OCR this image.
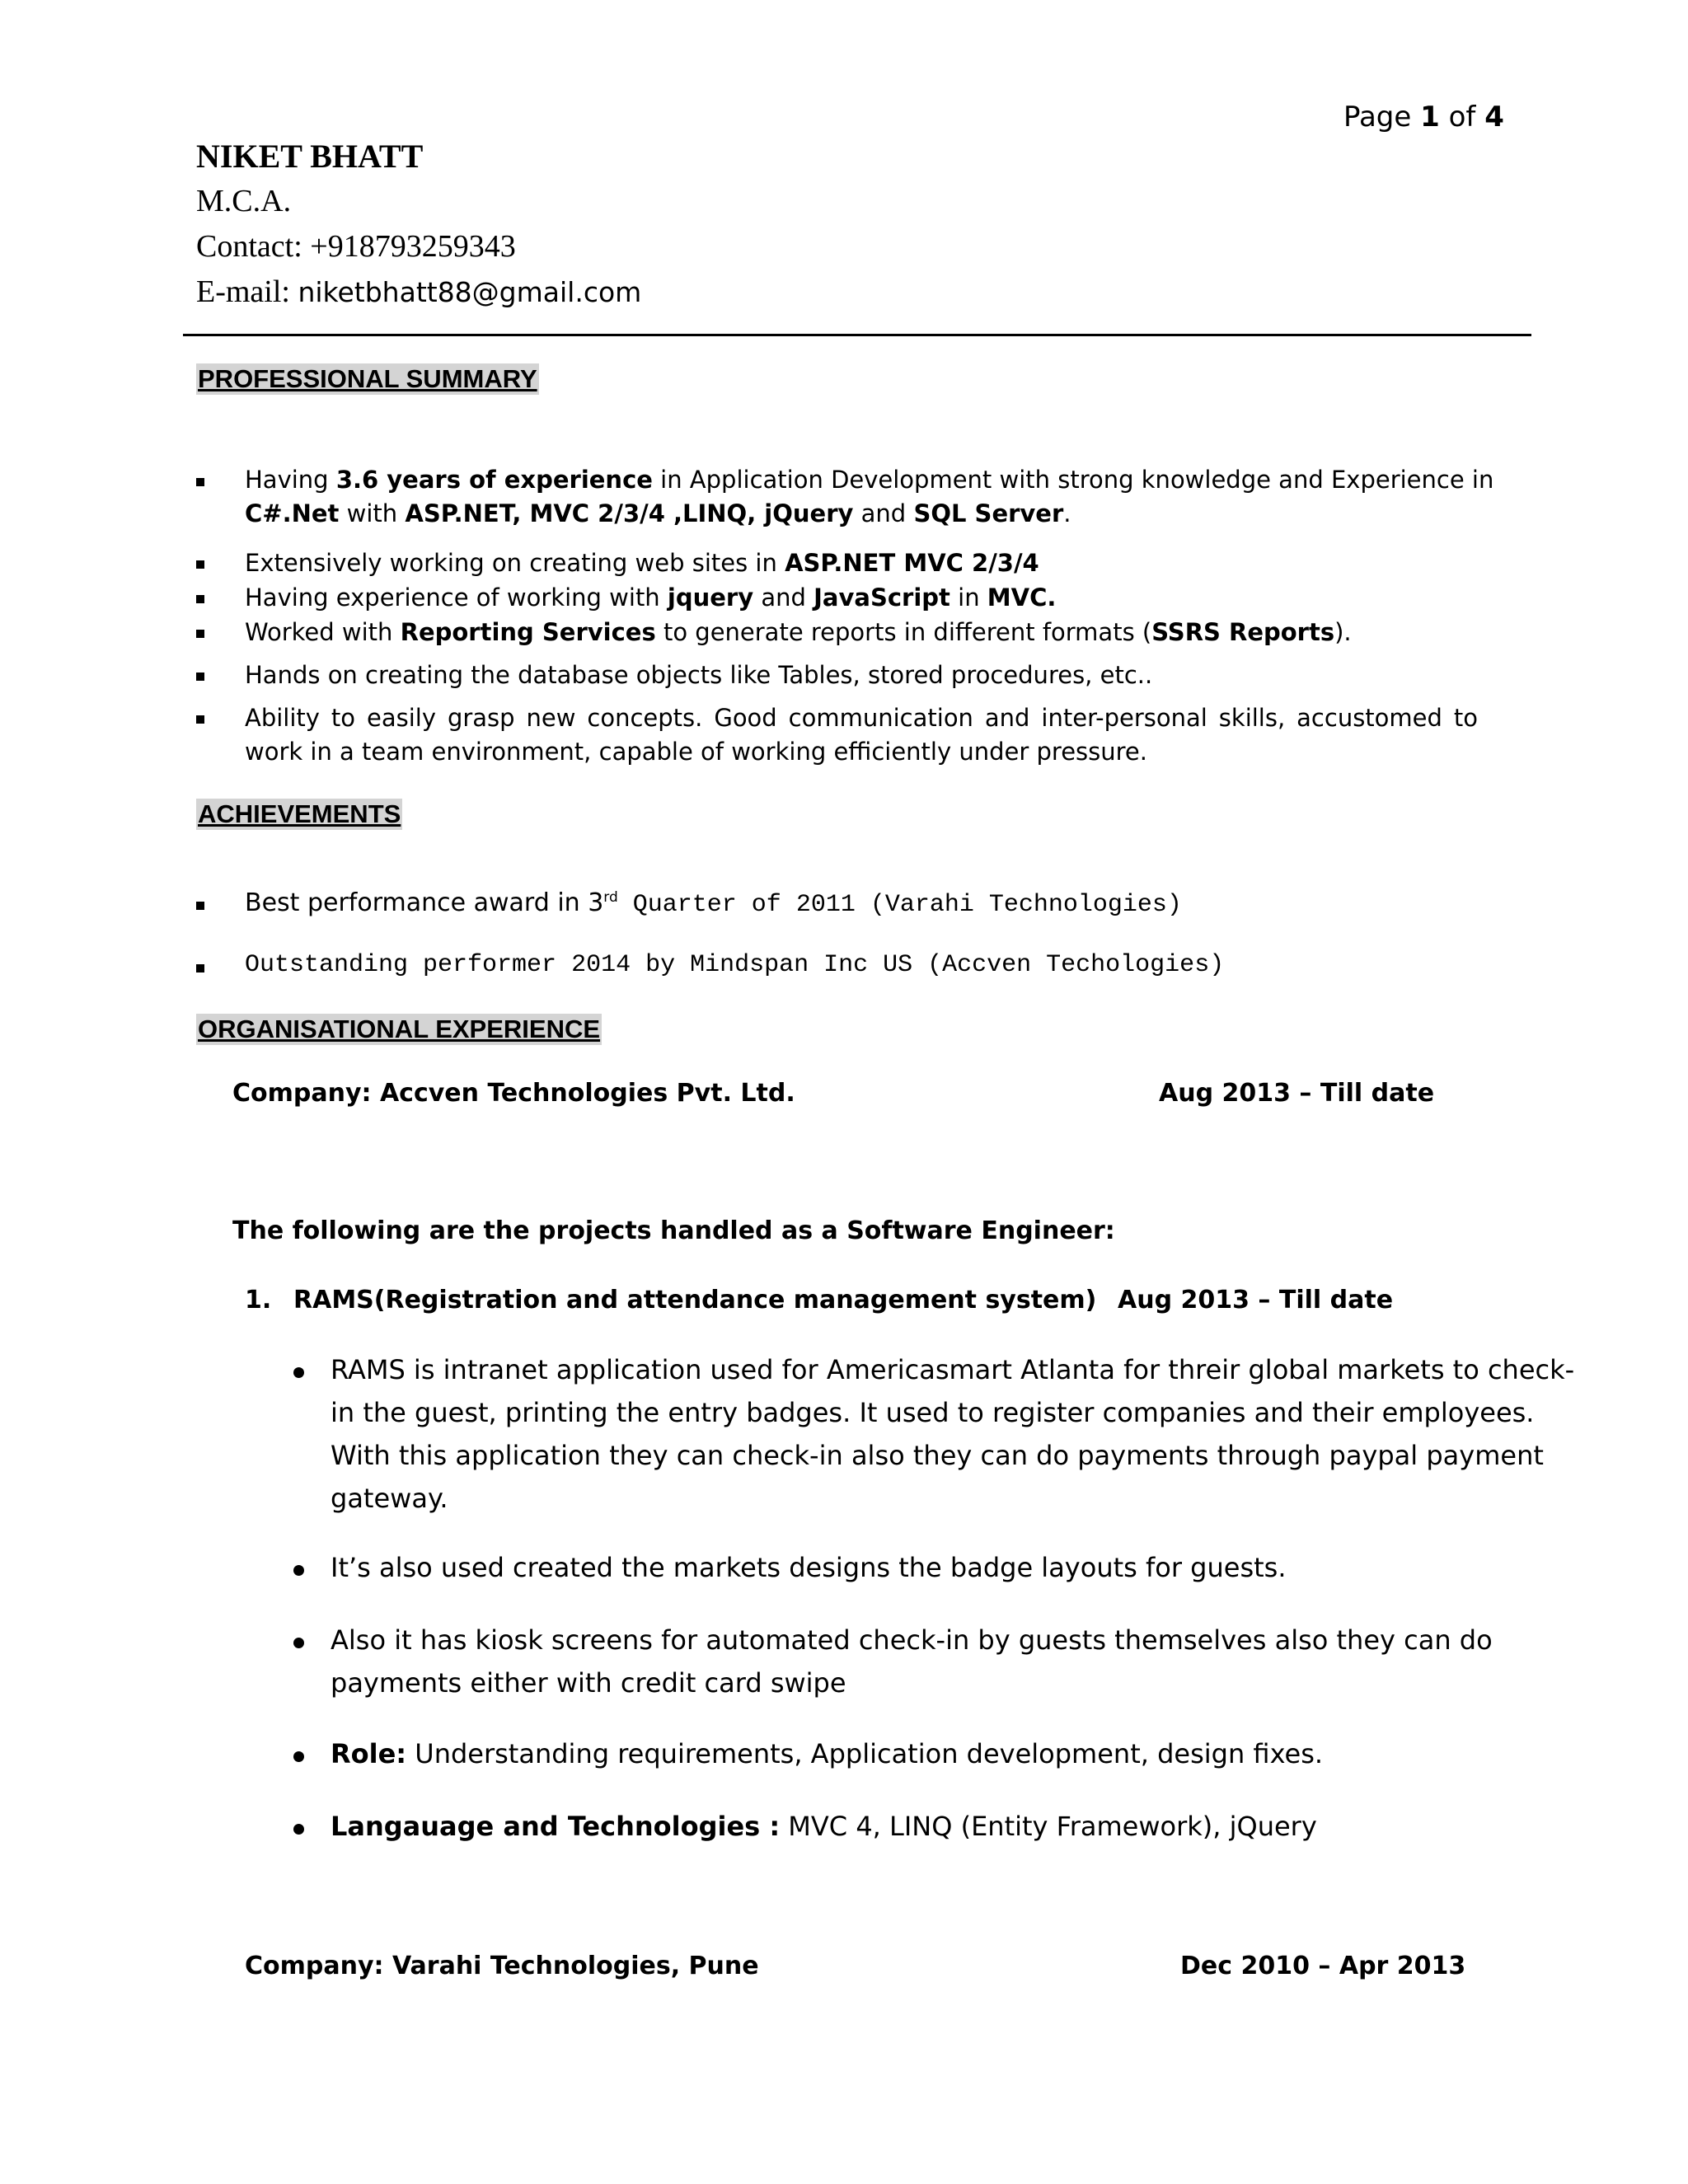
Page 1 of 4
NIKET BHATT
M.C.A.
Contact: +918793259343
E-mail: niketbhatt88@gmail.com
PROFESSIONAL SUMMARY
Having 3.6 years of experience in Application Development with strong knowledge and Experience in
C#.Net with ASP.NET, MVC 2/3/4 ,LINQ, jQuery and SQL Server.
Extensively working on creating web sites in ASP.NET MVC 2/3/4
Having experience of working with jquery and JavaScript in MVC.
Worked with Reporting Services to generate reports in different formats (SSRS Reports).
Hands on creating the database objects like Tables, stored procedures, etc..
Ability to easily grasp new concepts. Good communication and inter-personal skills, accustomed to
work in a team environment, capable of working efficiently under pressure.
ACHIEVEMENTS
Best performance award in 3rd Quarter of 2011 (Varahi Technologies)
Outstanding performer 2014 by Mindspan Inc US (Accven Techologies)
ORGANISATIONAL EXPERIENCE
Company: Accven Technologies Pvt. Ltd.	Aug 2013 – Till date
The following are the projects handled as a Software Engineer:
1. RAMS(Registration and attendance management system) Aug 2013 – Till date
RAMS is intranet application used for Americasmart Atlanta for threir global markets to check-
in the guest, printing the entry badges. It used to register companies and their employees.
With this application they can check-in also they can do payments through paypal payment
gateway.
It’s also used created the markets designs the badge layouts for guests.
Also it has kiosk screens for automated check-in by guests themselves also they can do
payments either with credit card swipe
Role: Understanding requirements, Application development, design fixes.
Langauage and Technologies : MVC 4, LINQ (Entity Framework), jQuery
Company: Varahi Technologies, Pune	Dec 2010 – Apr 2013
